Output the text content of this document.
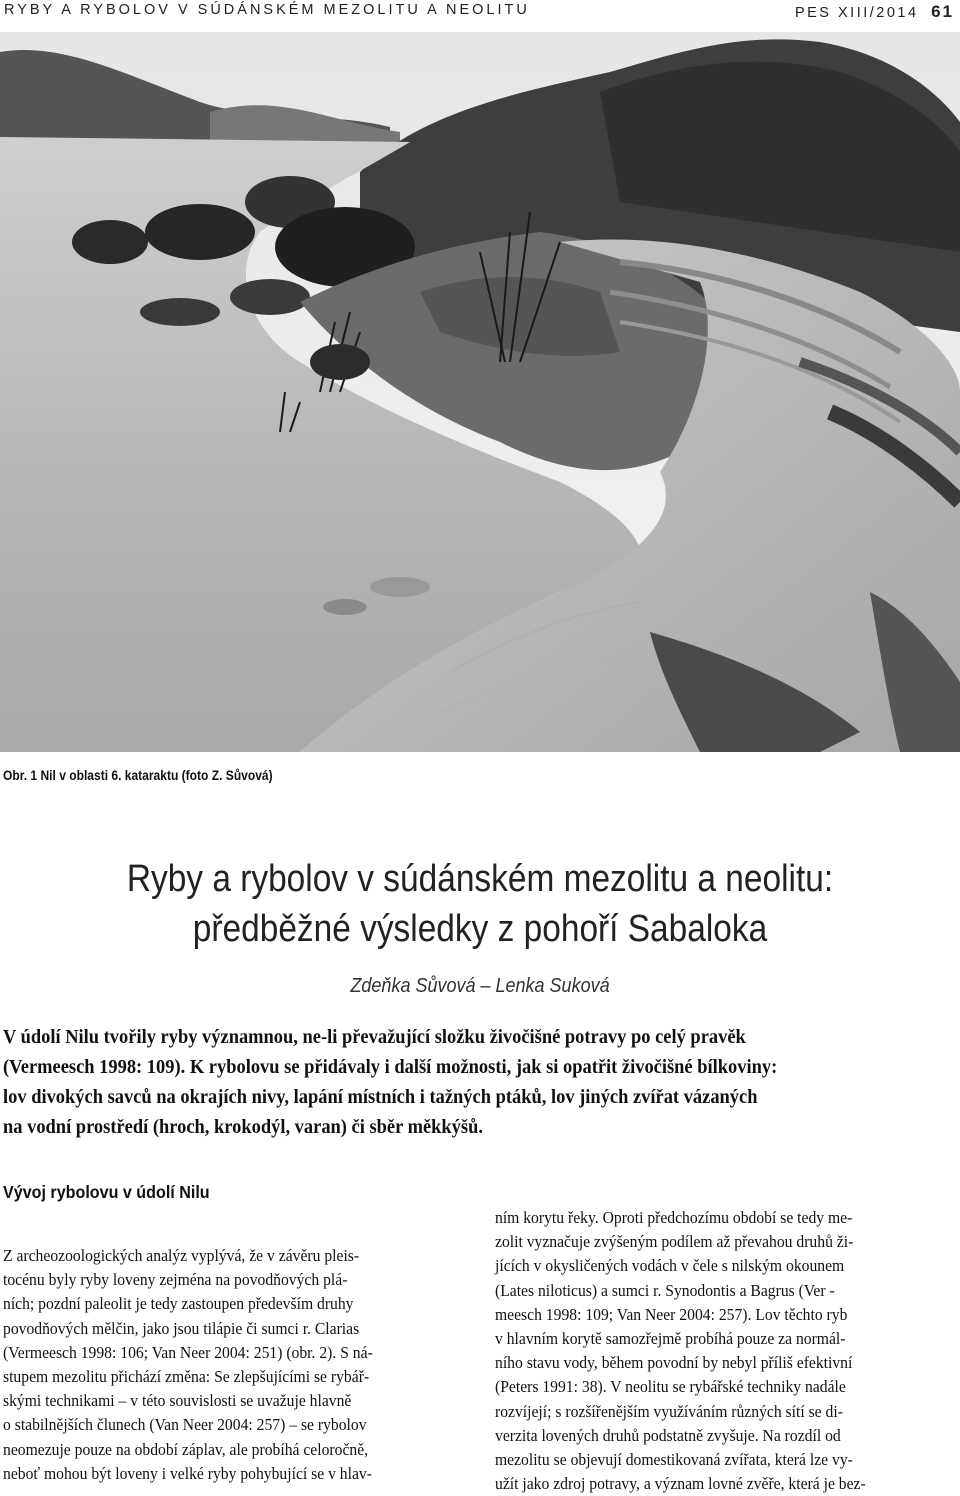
RYBY A RYBOLOV V SÚDÁNSKÉM MEZOLITU A NEOLITU	PES XIII/2014 61
Obr. 1 Nil v oblasti 6. kataraktu (foto Z. Sůvová)
Ryby a rybolov v súdánském mezolitu a neolitu:
předběžné výsledky z pohoří Sabaloka
Zdeňka Sůvová – Lenka Suková
V údolí Nilu tvořily ryby významnou, ne-li převažující složku živočišné potravy po celý pravěk
(Vermeesch 1998: 109). K rybolovu se přidávaly i další možnosti, jak si opatřit živočišné bílkoviny:
lov divokých savců na okrajích nivy, lapání místních i tažných ptáků, lov jiných zvířat vázaných
na vodní prostředí (hroch, krokodýl, varan) či sběr měkkýšů.
Vývoj rybolovu v údolí Nilu
Z archeozoologických analýz vyplývá, že v závěru pleis-
tocénu byly ryby loveny zejména na povodňových plá-
ních; pozdní paleolit je tedy zastoupen především druhy
povodňových mělčin, jako jsou tilápie či sumci r. Clarias
(Vermeesch 1998: 106; Van Neer 2004: 251) (obr. 2). S ná-
stupem mezolitu přichází změna: Se zlepšujícími se rybář-
skými technikami – v této souvislosti se uvažuje hlavně
o stabilnějších člunech (Van Neer 2004: 257) – se rybolov
neomezuje pouze na období záplav, ale probíhá celoročně,
neboť mohou být loveny i velké ryby pohybující se v hlav-
ním korytu řeky. Oproti předchozímu období se tedy me-
zolit vyznačuje zvýšeným podílem až převahou druhů ži-
jících v okysličených vodách v čele s nilským okounem
(Lates niloticus) a sumci r. Synodontis a Bagrus (Ver -
meesch 1998: 109; Van Neer 2004: 257). Lov těchto ryb
v hlavním korytě samozřejmě probíhá pouze za normál-
ního stavu vody, během povodní by nebyl příliš efektivní
(Peters 1991: 38). V neolitu se rybářské techniky nadále
rozvíjejí; s rozšířenějším využíváním různých sítí se di-
verzita lovených druhů podstatně zvyšuje. Na rozdíl od
mezolitu se objevují domestikovaná zvířata, která lze vy-
užít jako zdroj potravy, a význam lovné zvěře, která je bez-
